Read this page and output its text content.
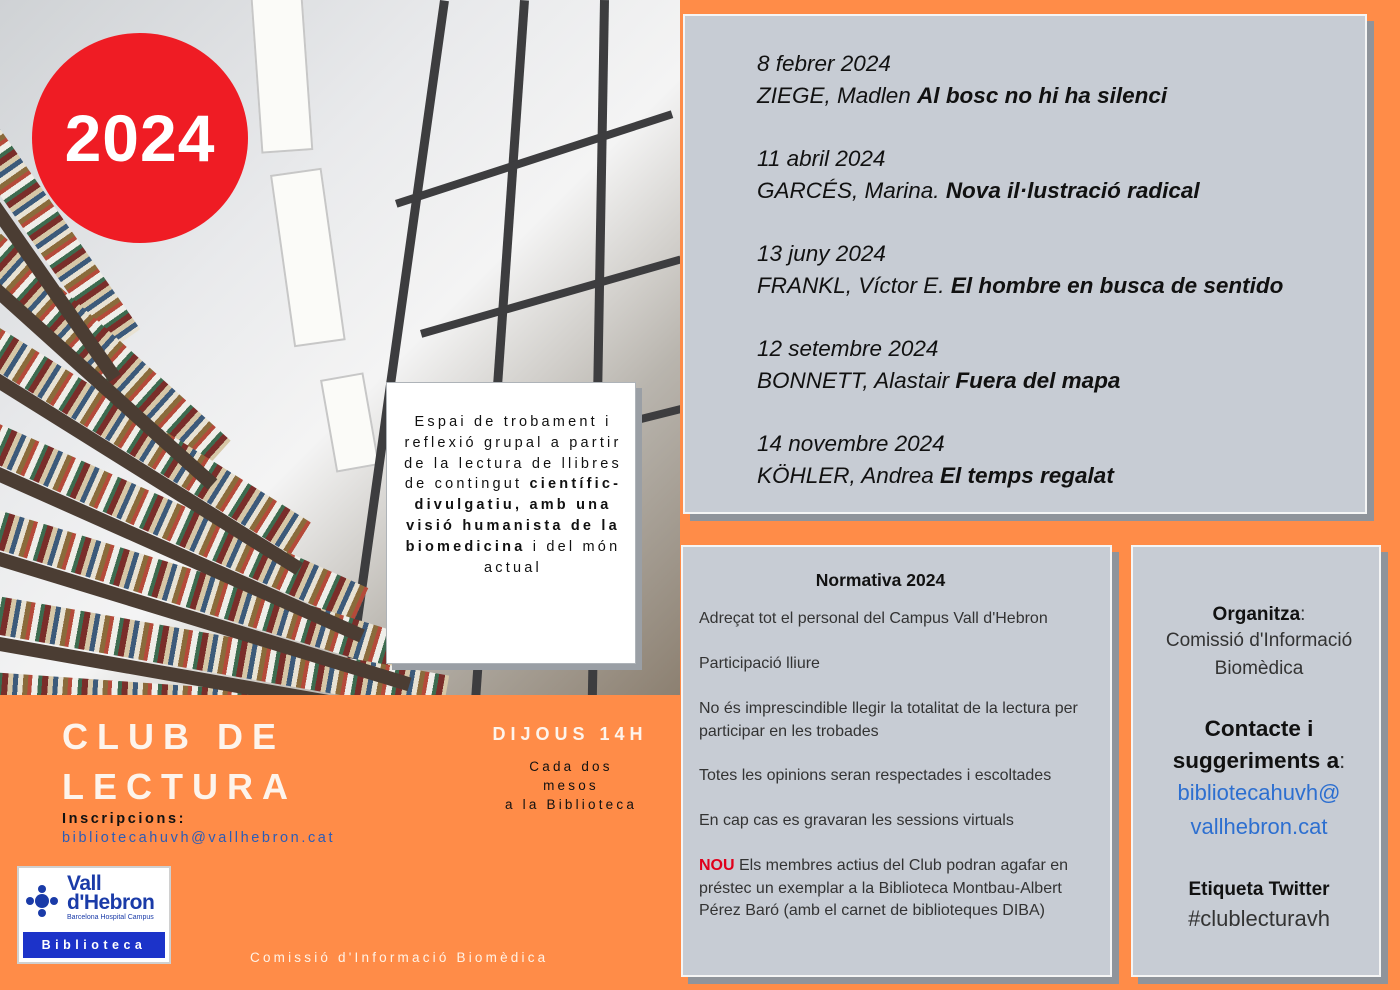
2024

Espai de trobament i reflexió grupal a partir de la lectura de llibres de contingut científic-divulgatiu, amb una visió humanista de la biomedicina i del món actual

8 febrer 2024
ZIEGE, Madlen Al bosc no hi ha silenci
11 abril 2024
GARCÉS, Marina. Nova il·lustració radical
13 juny 2024
FRANKL, Víctor E. El hombre en busca de sentido
12 setembre 2024
BONNETT, Alastair Fuera del mapa
14 novembre 2024
KÖHLER, Andrea El temps regalat
Normativa 2024
Adreçat tot el personal del Campus Vall d'Hebron
Participació lliure
No és imprescindible llegir la totalitat de la lectura per participar en les trobades
Totes les opinions seran respectades i escoltades
En cap cas es gravaran les sessions virtuals
NOU Els membres actius del Club podran agafar en préstec un exemplar a la Biblioteca Montbau-Albert Pérez Baró (amb el carnet de biblioteques DIBA)
Organitza:
Comissió d'Informació
Biomèdica
Contacte i
suggeriments a:
bibliotecahuvh@
vallhebron.cat
Etiqueta Twitter
#clublecturavh
CLUB DE
LECTURA
Inscripcions:
bibliotecahuvh@vallhebron.cat
DIJOUS 14H
Cada dos
mesos
a la Biblioteca
Vall
d'Hebron
Barcelona Hospital Campus
Biblioteca
Comissió d'Informació Biomèdica
